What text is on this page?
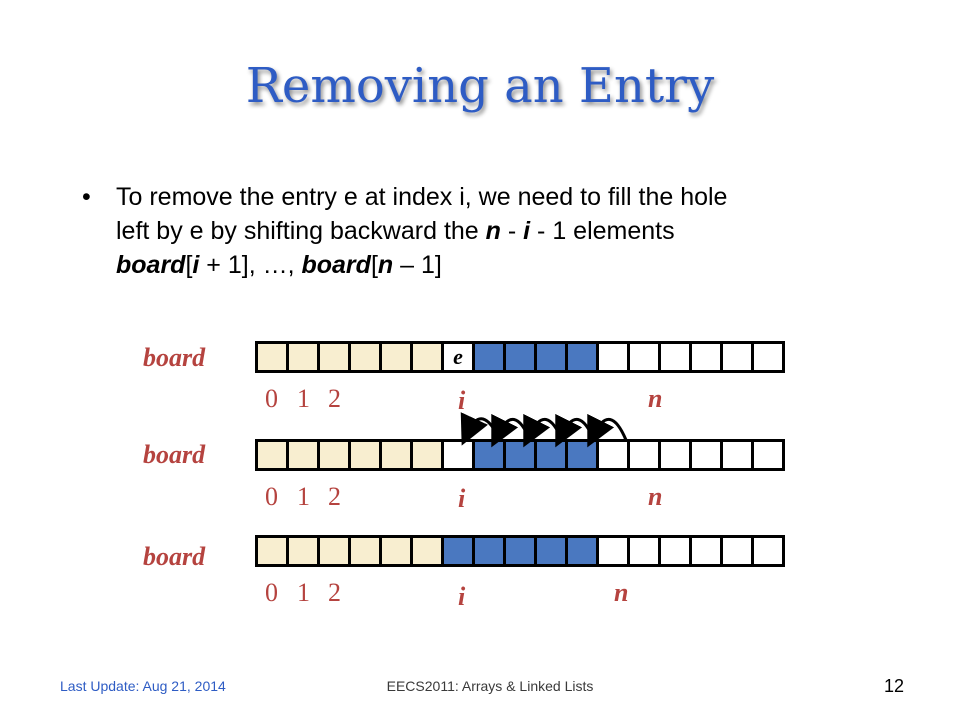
Removing an Entry
• To remove the entry e at index i, we need to fill the hole
left by e by shifting backward the n - i - 1 elements
board[i + 1], …, board[n – 1]
board	e
0 1 2	i	n
board
0 1 2	i	n
board
0 1 2	i	n
Last Update: Aug 21, 2014	EECS2011: Arrays & Linked Lists	12
